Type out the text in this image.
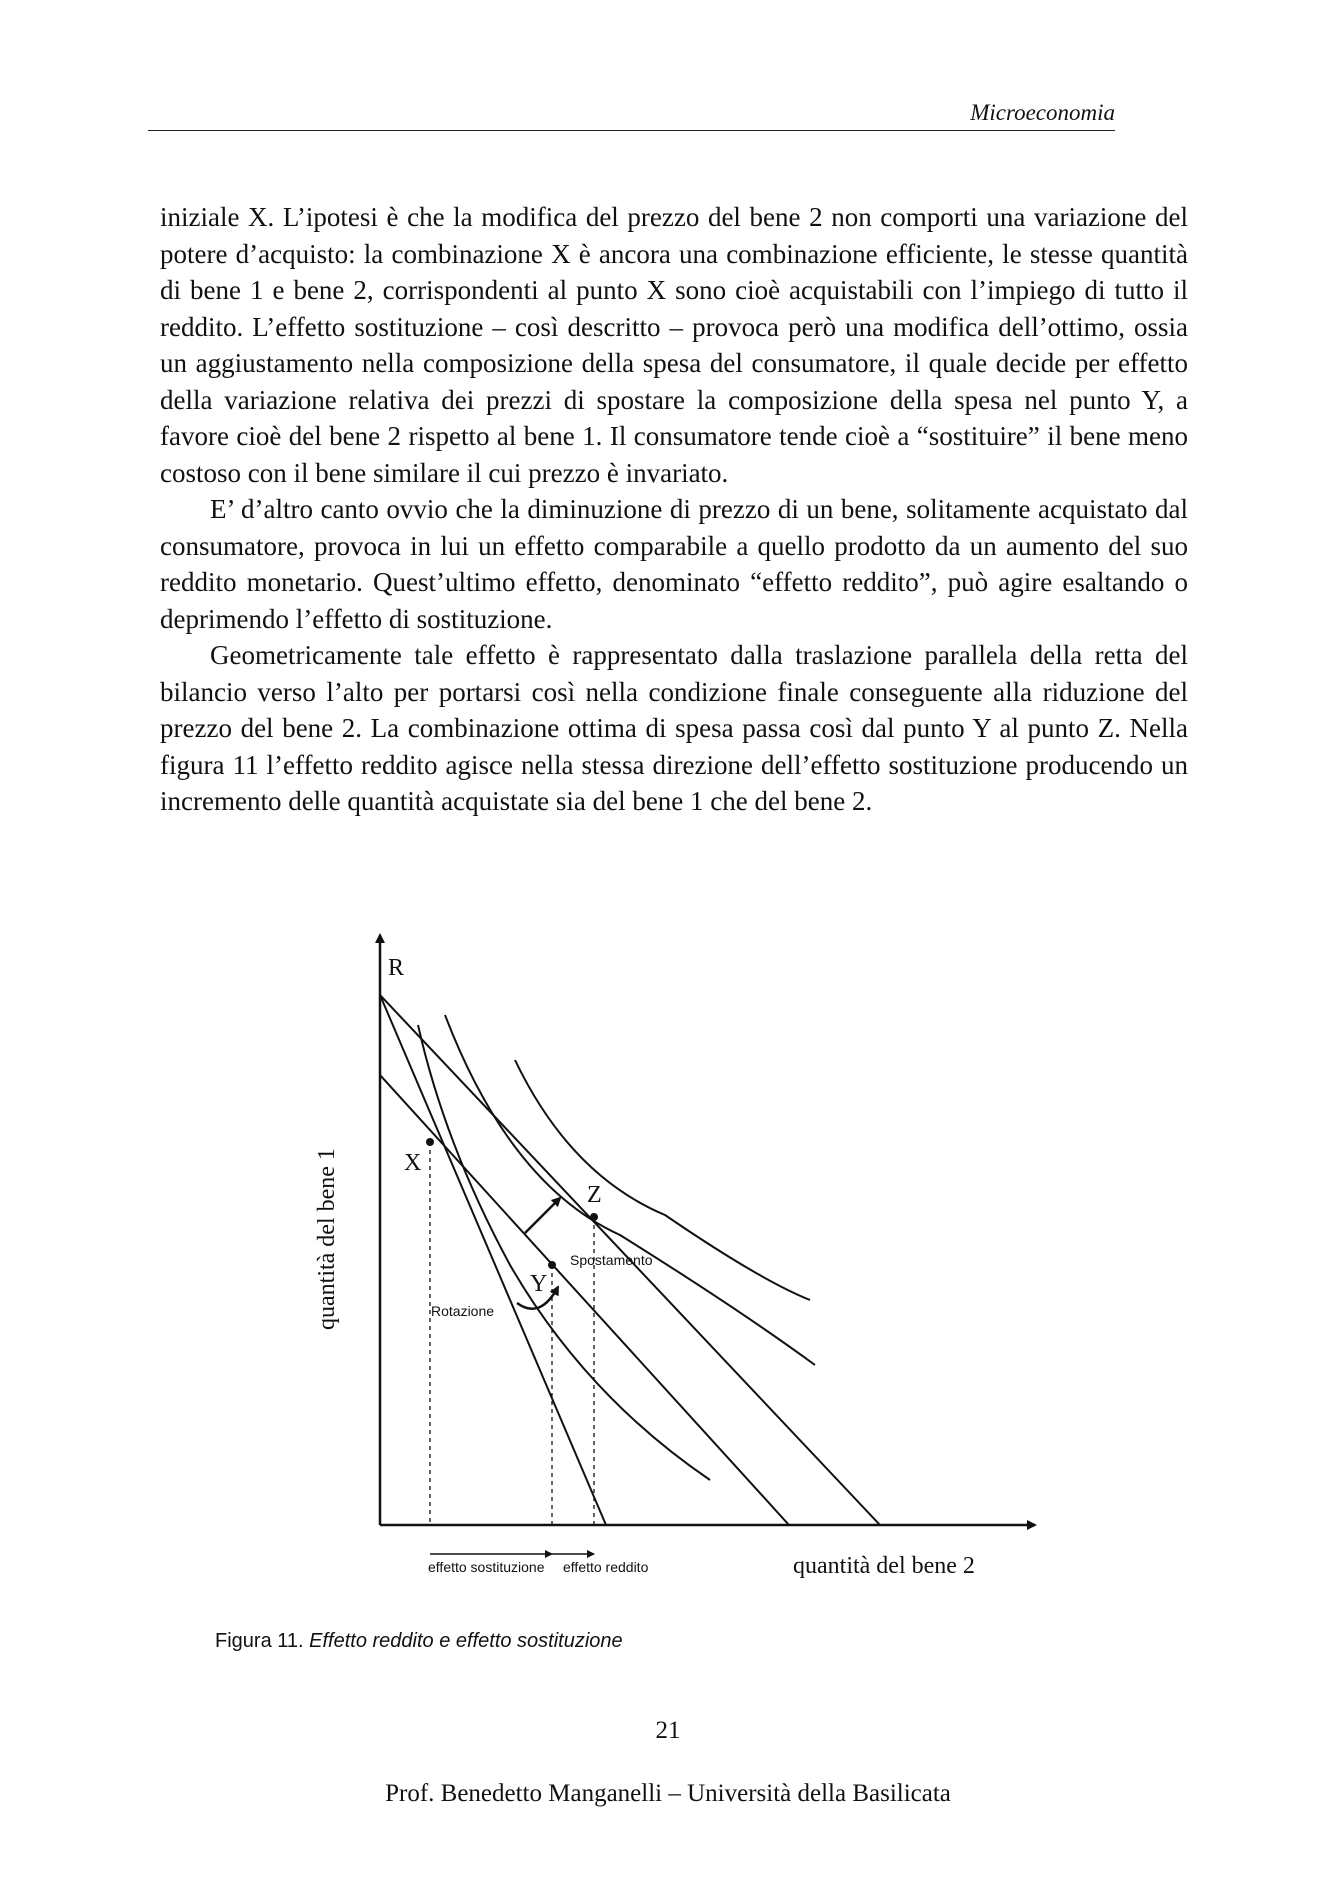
Microeconomia

iniziale X. L’ipotesi è che la modifica del prezzo del bene 2 non comporti una variazione del potere d’acquisto: la combinazione X è ancora una combinazione efficiente, le stesse quantità di bene 1 e bene 2, corrispondenti al punto X sono cioè acquistabili con l’impiego di tutto il reddito. L’effetto sostituzione – così descritto – provoca però una modifica dell’ottimo, ossia un aggiustamento nella composizione della spesa del consumatore, il quale decide per effetto della variazione relativa dei prezzi di spostare la composizione della spesa nel punto Y, a favore cioè del bene 2 rispetto al bene 1. Il consumatore tende cioè a “sostituire” il bene meno costoso con il bene similare il cui prezzo è invariato.

E’ d’altro canto ovvio che la diminuzione di prezzo di un bene, solitamente acquistato dal consumatore, provoca in lui un effetto comparabile a quello prodotto da un aumento del suo reddito monetario. Quest’ultimo effetto, denominato “effetto reddito”, può agire esaltando o deprimendo l’effetto di sostituzione.

Geometricamente tale effetto è rappresentato dalla traslazione parallela della retta del bilancio verso l’alto per portarsi così nella condizione finale conseguente alla riduzione del prezzo del bene 2. La combinazione ottima di spesa passa così dal punto Y al punto Z. Nella figura 11 l’effetto reddito agisce nella stessa direzione dell’effetto sostituzione producendo un incremento delle quantità acquistate sia del bene 1 che del bene 2.

R
X
Y
Z
Rotazione
Spostamento
effetto sostituzione effetto reddito	quantità del bene 2
quantità del bene 1
Figura 11. Effetto reddito e effetto sostituzione
21
Prof. Benedetto Manganelli – Università della Basilicata
